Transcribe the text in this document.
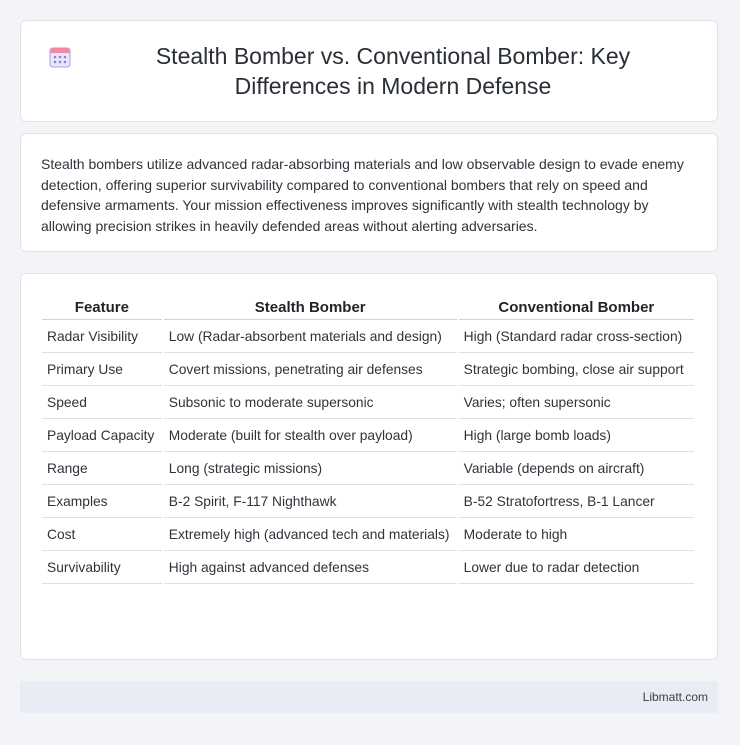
Stealth Bomber vs. Conventional Bomber: Key Differences in Modern Defense

Stealth bombers utilize advanced radar-absorbing materials and low observable design to evade enemy detection, offering superior survivability compared to conventional bombers that rely on speed and defensive armaments. Your mission effectiveness improves significantly with stealth technology by allowing precision strikes in heavily defended areas without alerting adversaries.

Feature	Stealth Bomber	Conventional Bomber
Radar Visibility	Low (Radar-absorbent materials and design)	High (Standard radar cross-section)
Primary Use	Covert missions, penetrating air defenses	Strategic bombing, close air support
Speed	Subsonic to moderate supersonic	Varies; often supersonic
Payload Capacity	Moderate (built for stealth over payload)	High (large bomb loads)
Range	Long (strategic missions)	Variable (depends on aircraft)
Examples	B-2 Spirit, F-117 Nighthawk	B-52 Stratofortress, B-1 Lancer
Cost	Extremely high (advanced tech and materials)	Moderate to high
Survivability	High against advanced defenses	Lower due to radar detection
Libmatt.com
